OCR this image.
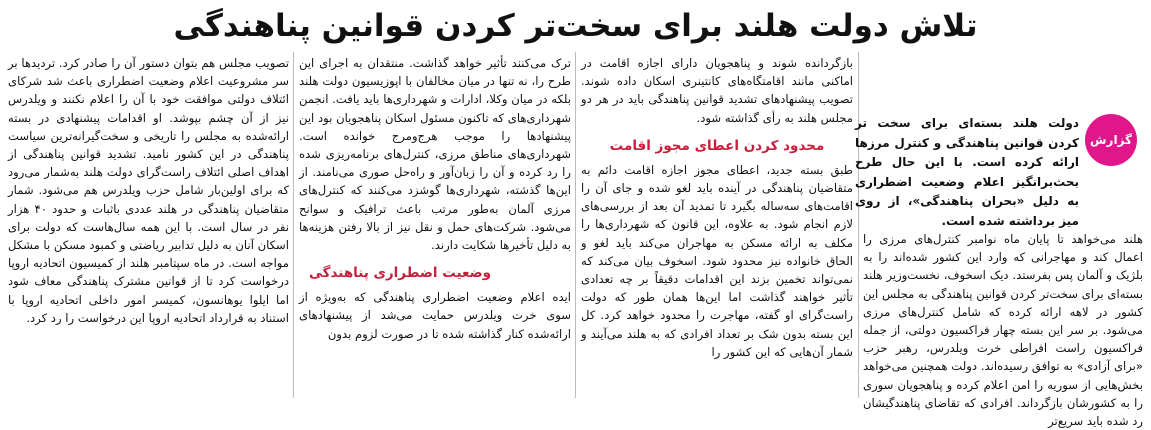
تلاش دولت هلند برای سخت‌تر کردن قوانین پناهندگی
گزارش
دولت هلند بسته‌ای برای سخت تر کردن قوانین پناهندگی و کنترل مرزها ارائه کرده است. با این حال طرح بحث‌برانگیز اعلام وضعیت اضطراری به دلیل «بحران پناهندگی»، از روی میز برداشته شده است.

هلند می‌خواهد تا پایان ماه نوامبر کنترل‌های مرزی را اعمال کند و مهاجرانی که وارد این کشور شده‌اند را به بلژیک و آلمان پس بفرستد. دیک اسخوف، نخست‌وزیر هلند بسته‌ای برای سخت‌تر کردن قوانین پناهندگی به مجلس این کشور در لاهه ارائه کرده که شامل کنترل‌های مرزی می‌شود. بر سر این بسته چهار فراکسیون دولتی، از جمله فراکسیون راست افراطی خرت ویلدرس، رهبر حزب «برای آزادی» به توافق رسیده‌اند. دولت همچنین می‌خواهد بخش‌هایی از سوریه را امن اعلام کرده و پناهجویان سوری را به کشورشان بازگرداند. افرادی که تقاضای پناهندگیشان رد شده باید سریع‌تر

بازگردانده شوند و پناهجویان دارای اجازه اقامت در اماکنی مانند اقامتگاه‌های کانتینری اسکان داده شوند. تصویب پیشنهادهای تشدید قوانین پناهندگی باید در هر دو مجلس هلند به رأی گذاشته شود.

محدود کردن اعطای مجوز اقامت

طبق بسته جدید، اعطای مجوز اجازه اقامت دائم به متقاضیان پناهندگی در آینده باید لغو شده و جای آن را اقامت‌های سه‌ساله بگیرد تا تمدید آن بعد از بررسی‌های لازم انجام شود. به علاوه، این قانون که شهرداری‌ها را مکلف به ارائه مسکن به مهاجران می‌کند باید لغو و الحاق خانواده نیز محدود شود. اسخوف بیان می‌کند که نمی‌تواند تخمین بزند این اقدامات دقیقاً بر چه تعدادی تأثیر خواهند گذاشت اما این‌ها همان طور که دولت راست‌گرای او گفته، مهاجرت را محدود خواهد کرد. کل این بسته بدون شک بر تعداد افرادی که به هلند می‌آیند و شمار آن‌هایی که این کشور را

ترک می‌کنند تأثیر خواهد گذاشت. منتقدان به اجرای این طرح را، نه تنها در میان مخالفان با اپوزیسیون دولت هلند بلکه در میان وکلا، ادارات و شهرداری‌ها باید یافت. انجمن شهرداری‌های که تاکنون مسئول اسکان پناهجویان بود این پیشنهادها را موجب هرج‌ومرج خوانده است. شهرداری‌های مناطق مرزی، کنترل‌های برنامه‌ریزی شده را رد کرده و آن را زبان‌آور و راه‌حل صوری می‌نامند. از این‌ها گذشته، شهرداری‌ها گوشزد می‌کنند که کنترل‌های مرزی آلمان به‌طور مرتب باعث ترافیک و سوانح می‌شود. شرکت‌های حمل و نقل نیز از بالا رفتن هزینه‌ها به دلیل تأخیرها شکایت دارند.

وضعیت اضطراری پناهندگی

ایده اعلام وضعیت اضطراری پناهندگی که به‌ویژه از سوی خرت ویلدرس حمایت می‌شد از پیشنهادهای ارائه‌شده کنار گذاشته شده تا در صورت لزوم بدون

تصویب مجلس هم بتوان دستور آن را صادر کرد. تردیدها بر سر مشروعیت اعلام وضعیت اضطراری باعث شد شرکای ائتلاف دولتی موافقت خود با آن را اعلام نکنند و ویلدرس نیز از آن چشم بپوشد. او اقدامات پیشنهادی در بسته ارائه‌شده به مجلس را تاریخی و سخت‌گیرانه‌ترین سیاست پناهندگی در این کشور نامید. تشدید قوانین پناهندگی از اهداف اصلی ائتلاف راست‌گرای دولت هلند به‌شمار می‌رود که برای اولین‌بار شامل حزب ویلدرس هم می‌شود. شمار متقاضیان پناهندگی در هلند عددی باثبات و حدود ۴۰ هزار نفر در سال است. با این همه سال‌هاست که دولت برای اسکان آنان به دلیل تدابیر ریاضتی و کمبود مسکن با مشکل مواجه است. در ماه سپتامبر هلند از کمیسیون اتحادیه اروپا درخواست کرد تا از قوانین مشترک پناهندگی معاف شود اما ایلوا یوهانسون، کمیسر امور داخلی اتحادیه اروپا با استناد به قرارداد اتحادیه اروپا این درخواست را رد کرد.
